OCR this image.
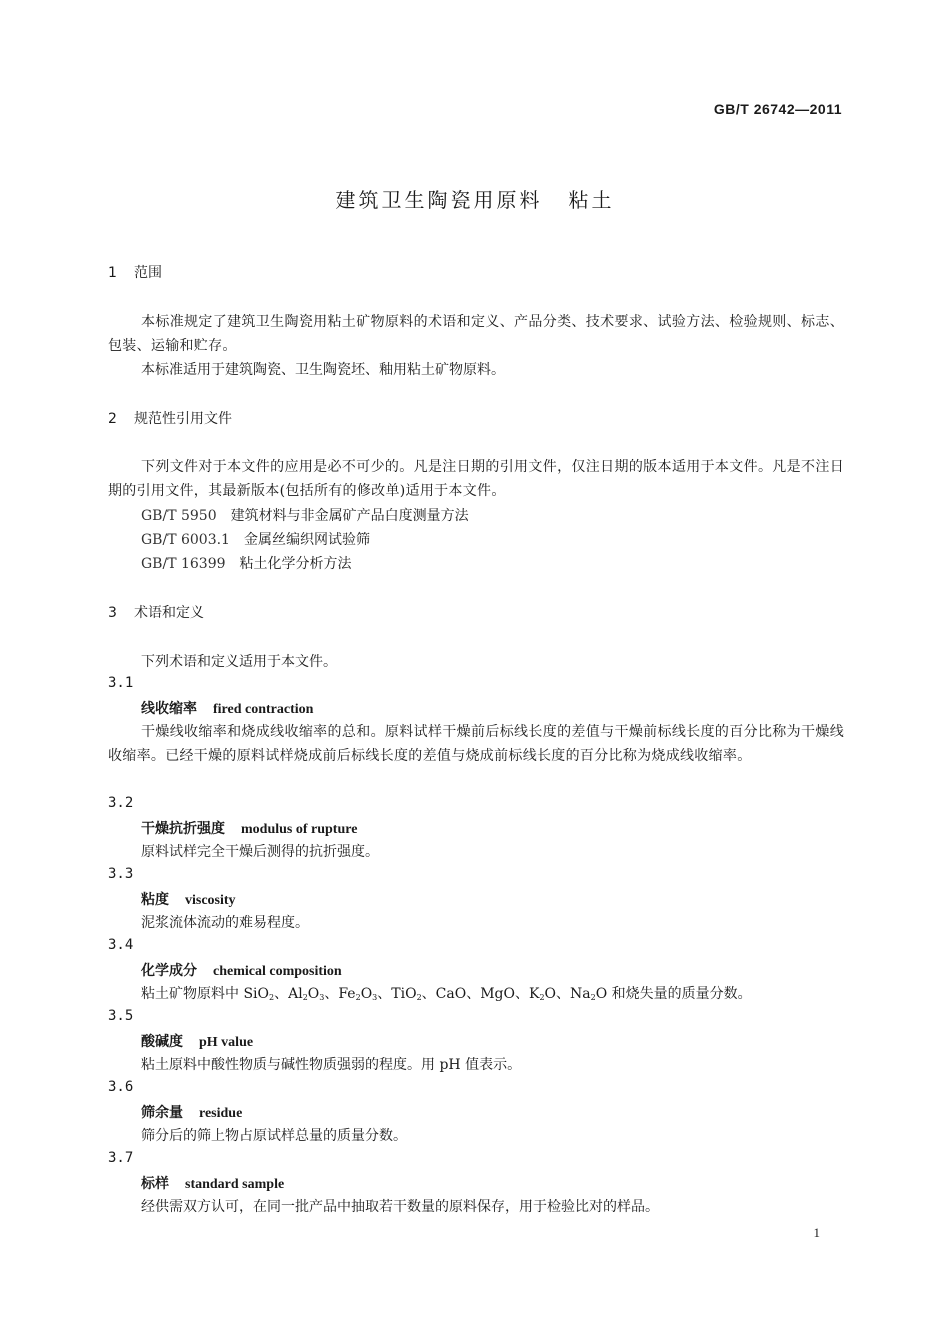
GB/T 26742—2011
建筑卫生陶瓷用原料 粘土
1 范围
本标准规定了建筑卫生陶瓷用粘土矿物原料的术语和定义、产品分类、技术要求、试验方法、检验规则、标志、包装、运输和贮存。
本标准适用于建筑陶瓷、卫生陶瓷坯、釉用粘土矿物原料。
2 规范性引用文件
下列文件对于本文件的应用是必不可少的。凡是注日期的引用文件，仅注日期的版本适用于本文件。凡是不注日期的引用文件，其最新版本(包括所有的修改单)适用于本文件。
GB/T 5950 建筑材料与非金属矿产品白度测量方法
GB/T 6003.1 金属丝编织网试验筛
GB/T 16399 粘土化学分析方法
3 术语和定义
下列术语和定义适用于本文件。
3.1
线收缩率 fired contraction
干燥线收缩率和烧成线收缩率的总和。原料试样干燥前后标线长度的差值与干燥前标线长度的百分比称为干燥线收缩率。已经干燥的原料试样烧成前后标线长度的差值与烧成前标线长度的百分比称为烧成线收缩率。
3.2
干燥抗折强度 modulus of rupture
原料试样完全干燥后测得的抗折强度。
3.3
粘度 viscosity
泥浆流体流动的难易程度。
3.4
化学成分 chemical composition
粘土矿物原料中 SiO$_2$、$Al_2O_3$、$Fe_2O_3$、TiO$_2$、CaO、MgO、$K_2O$、$Na_2O$ 和烧失量的质量分数。
3.5
酸碱度 pH value
粘土原料中酸性物质与碱性物质强弱的程度。用 pH 值表示。
3.6
筛余量 residue
筛分后的筛上物占原试样总量的质量分数。
3.7
标样 standard sample
经供需双方认可，在同一批产品中抽取若干数量的原料保存，用于检验比对的样品。
1
